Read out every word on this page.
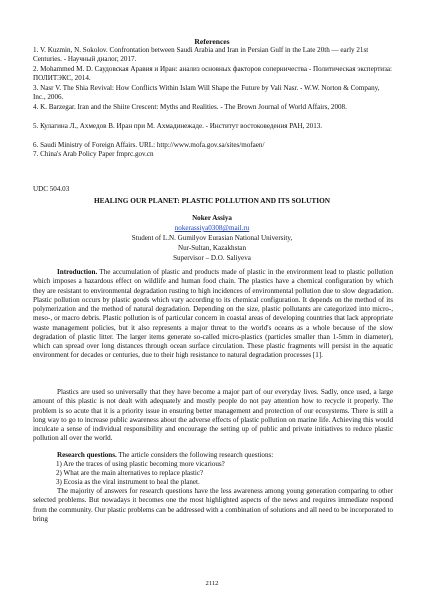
References
1. V. Kuzmin, N. Sokolov. Confrontation between Saudi Arabia and Iran in Persian Gulf in the Late 20th — early 21st Centuries. - Научный диалог, 2017.
2. Mohammed M. D. Саудовская Аравия и Иран: анализ основных факторов соперничества - Политическая экспертиза: ПОЛИТЭКС, 2014.
3. Nasr V. The Shia Revival: How Conflicts Within Islam Will Shape the Future by Vali Nasr. - W.W. Norton & Company, Inc., 2006.
4. K. Barzegar. Iran and the Shiite Crescent: Myths and Realities. - The Brown Journal of World Affairs, 2008.
5. Кулагина Л., Ахмедов В. Иран при М. Ахмадинежаде. - Институт востоковедения РАН, 2013.
6. Saudi Ministry of Foreign Affairs. URL: http://www.mofa.gov.sa/sites/mofaen/
7. China's Arab Policy Paper fmprc.gov.cn
UDC 504.03
HEALING OUR PLANET: PLASTIC POLLUTION AND ITS SOLUTION
Noker Assiya
nokerassiya0308@mail.ru
Student of L.N. Gumilyov Eurasian National University,
Nur-Sultan, Kazakhstan
Supervisor – D.O. Saliyeva
Introduction. The accumulation of plastic and products made of plastic in the environment lead to plastic pollution which imposes a hazardous effect on wildlife and human food chain. The plastics have a chemical configuration by which they are resistant to environmental degradation rusting to high incidences of environmental pollution due to slow degradation. Plastic pollution occurs by plastic goods which vary according to its chemical configuration. It depends on the method of its polymerization and the method of natural degradation. Depending on the size, plastic pollutants are categorized into micro-, meso-, or macro debris. Plastic pollution is of particular concern in coastal areas of developing countries that lack appropriate waste management policies, but it also represents a major threat to the world's oceans as a whole because of the slow degradation of plastic litter. The larger items generate so-called micro-plastics (particles smaller than 1-5mm in diameter), which can spread over long distances through ocean surface circulation. These plastic fragments will persist in the aquatic environment for decades or centuries, due to their high resistance to natural degradation processes [1].
Plastics are used so universally that they have become a major part of our everyday lives. Sadly, once used, a large amount of this plastic is not dealt with adequately and mostly people do not pay attention how to recycle it properly. The problem is so acute that it is a priority issue in ensuring better management and protection of our ecosystems. There is still a long way to go to increase public awareness about the adverse effects of plastic pollution on marine life. Achieving this would inculcate a sense of individual responsibility and encourage the setting up of public and private initiatives to reduce plastic pollution all over the world.
Research questions. The article considers the following research questions:
1) Are the traces of using plastic becoming more vicarious?
2) What are the main alternatives to replace plastic?
3) Ecosia as the viral instrument to heal the planet.
The majority of answers for research questions have the less awareness among young generation comparing to other selected problems. But nowadays it becomes one the most highlighted aspects of the news and requires immediate respond from the community. Our plastic problems can be addressed with a combination of solutions and all need to be incorporated to bring
2112
